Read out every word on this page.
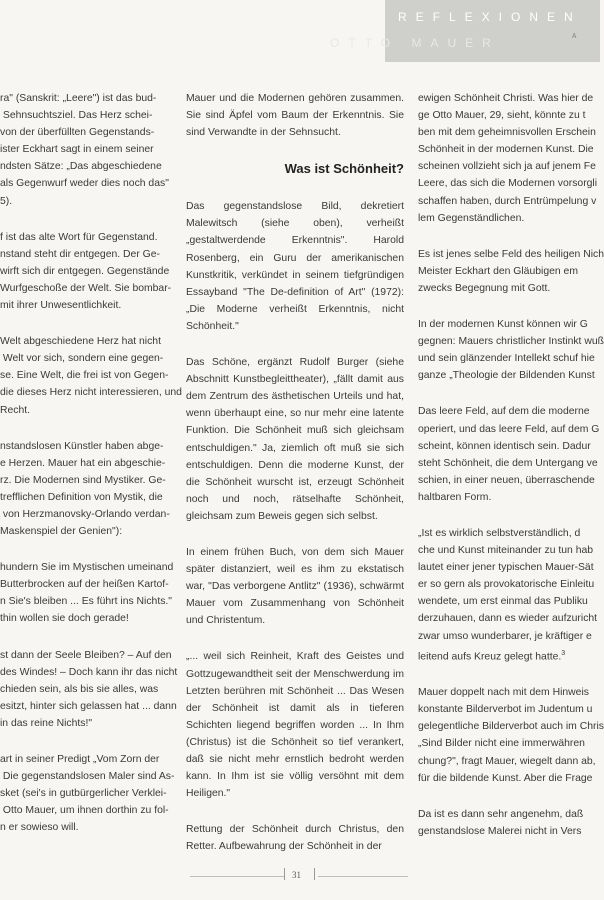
REFLEXIONEN
OTTO MAUER
ᴀ

ra" (Sanskrit: „Leere") ist das bud-
Sehnsuchtsziel. Das Herz schei-
von der überfüllten Gegenstands-
ister Eckhart sagt in einem seiner
ndsten Sätze: „Das abgeschiedene
als Gegenwurf weder dies noch das"
5).

f ist das alte Wort für Gegenstand.
nstand steht dir entgegen. Der Ge-
wirft sich dir entgegen. Gegenstände
Wurfgeschoße der Welt. Sie bombar-
mit ihrer Unwesentlichkeit.

Welt abgeschiedene Herz hat nicht
Welt vor sich, sondern eine gegen-
se. Eine Welt, die frei ist von Gegen-
die dieses Herz nicht interessieren, und
Recht.

nstandslosen Künstler haben abge-
e Herzen. Mauer hat ein abgeschie-
rz. Die Modernen sind Mystiker. Ge-
trefflichen Definition von Mystik, die
von Herzmanovsky-Orlando verdan-
Maskenspiel der Genien"):

hundern Sie im Mystischen umeinand
Butterbrocken auf der heißen Kartof-
n Sie's bleiben ... Es führt ins Nichts."
thin wollen sie doch gerade!

st dann der Seele Bleiben? – Auf den
des Windes! – Doch kann ihr das nicht
chieden sein, als bis sie alles, was
esitzt, hinter sich gelassen hat ... dann
in das reine Nichts!"

art in seiner Predigt „Vom Zorn der
Die gegenstandslosen Maler sind As-
sket (sei's in gutbürgerlicher Verklei-
Otto Mauer, um ihnen dorthin zu fol-
n er sowieso will.

Mauer und die Modernen gehören zusammen. Sie sind Äpfel vom Baum der Erkenntnis. Sie sind Verwandte in der Sehnsucht.

Was ist Schönheit?

Das gegenstandslose Bild, dekretiert Malewitsch (siehe oben), verheißt „gestaltwerdende Erkenntnis". Harold Rosenberg, ein Guru der amerikanischen Kunstkritik, verkündet in seinem tiefgründigen Essayband "The De-definition of Art" (1972): „Die Moderne verheißt Erkenntnis, nicht Schönheit."

Das Schöne, ergänzt Rudolf Burger (siehe Abschnitt Kunstbegleittheater), „fällt damit aus dem Zentrum des ästhetischen Urteils und hat, wenn überhaupt eine, so nur mehr eine latente Funktion. Die Schönheit muß sich gleichsam entschuldigen." Ja, ziemlich oft muß sie sich entschuldigen. Denn die moderne Kunst, der die Schönheit wurscht ist, erzeugt Schönheit noch und noch, rätselhafte Schönheit, gleichsam zum Beweis gegen sich selbst.

In einem frühen Buch, von dem sich Mauer später distanziert, weil es ihm zu ekstatisch war, "Das verborgene Antlitz" (1936), schwärmt Mauer vom Zusammenhang von Schönheit und Christentum.

„... weil sich Reinheit, Kraft des Geistes und Gottzugewandtheit seit der Menschwerdung im Letzten berühren mit Schönheit ... Das Wesen der Schönheit ist damit als in tieferen Schichten liegend begriffen worden ... In Ihm (Christus) ist die Schönheit so tief verankert, daß sie nicht mehr ernstlich bedroht werden kann. In Ihm ist sie völlig versöhnt mit dem Heiligen."

Rettung der Schönheit durch Christus, den Retter. Aufbewahrung der Schönheit in der

ewigen Schönheit Christi. Was hier de
ge Otto Mauer, 29, sieht, könnte zu t
ben mit dem geheimnisvollen Erschein
Schönheit in der modernen Kunst. Die
scheinen vollzieht sich ja auf jenem Fe
Leere, das sich die Modernen vorsorgli
schaffen haben, durch Entrümpelung v
lem Gegenständlichen.

Es ist jenes selbe Feld des heiligen Nich
Meister Eckhart den Gläubigen em
zwecks Begegnung mit Gott.

In der modernen Kunst können wir G
gegnen: Mauers christlicher Instinkt wuß
und sein glänzender Intellekt schuf hie
ganze „Theologie der Bildenden Kunst

Das leere Feld, auf dem die moderne
operiert, und das leere Feld, auf dem G
scheint, können identisch sein. Dadur
steht Schönheit, die dem Untergang ve
schien, in einer neuen, überraschende
haltbaren Form.

„Ist es wirklich selbstverständlich, d
che und Kunst miteinander zu tun hab
lautet einer jener typischen Mauer-Sät
er so gern als provokatorische Einleitu
wendete, um erst einmal das Publiku
derzuhauen, dann es wieder aufzuricht
zwar umso wunderbarer, je kräftiger e
leitend aufs Kreuz gelegt hatte.$^3$

Mauer doppelt nach mit dem Hinweis
konstante Bilderverbot im Judentum u
gelegentliche Bilderverbot auch im Chris
„Sind Bilder nicht eine immerwähren
chung?", fragt Mauer, wiegelt dann ab,
für die bildende Kunst. Aber die Frage

Da ist es dann sehr angenehm, daß
genstandslose Malerei nicht in Vers

31
